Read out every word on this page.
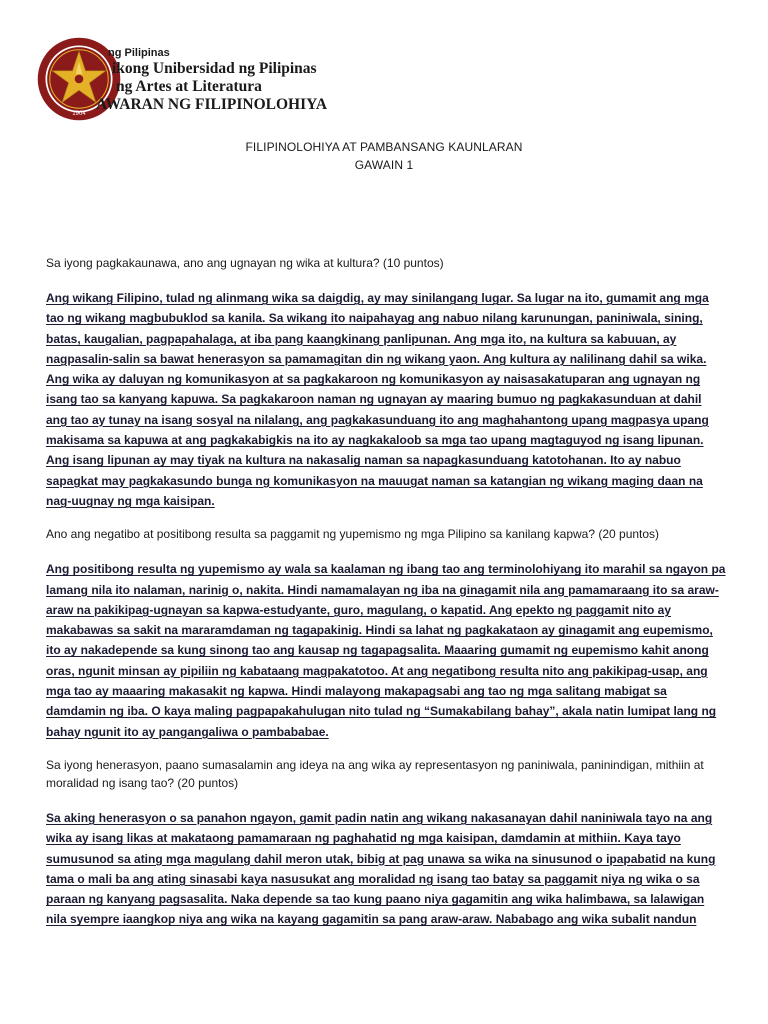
1904
ng Pilipinas
ikong Unibersidad ng Pilipinas
ng Artes at Literatura
AWARAN NG FILIPINOLOHIYA
FILIPINOLOHIYA AT PAMBANSANG KAUNLARAN
GAWAIN 1

Sa iyong pagkakaunawa, ano ang ugnayan ng wika at kultura? (10 puntos)

Ang wikang Filipino, tulad ng alinmang wika sa daigdig, ay may sinilangang lugar. Sa lugar na ito, gumamit ang mga tao ng wikang magbubuklod sa kanila. Sa wikang ito naipahayag ang nabuo nilang karunungan, paniniwala, sining, batas, kaugalian, pagpapahalaga, at iba pang kaangkinang panlipunan. Ang mga ito, na kultura sa kabuuan, ay nagpasalin-salin sa bawat henerasyon sa pamamagitan din ng wikang yaon. Ang kultura ay nalilinang dahil sa wika. Ang wika ay daluyan ng komunikasyon at sa pagkakaroon ng komunikasyon ay naisasakatuparan ang ugnayan ng isang tao sa kanyang kapuwa. Sa pagkakaroon naman ng ugnayan ay maaring bumuo ng pagkakasunduan at dahil ang tao ay tunay na isang sosyal na nilalang, ang pagkakasunduang ito ang maghahantong upang magpasya upang makisama sa kapuwa at ang pagkakabigkis na ito ay nagkakaloob sa mga tao upang magtaguyod ng isang lipunan. Ang isang lipunan ay may tiyak na kultura na nakasalig naman sa napagkasunduang katotohanan. Ito ay nabuo sapagkat may pagkakasundo bunga ng komunikasyon na mauugat naman sa katangian ng wikang maging daan na nag-uugnay ng mga kaisipan.

Ano ang negatibo at positibong resulta sa paggamit ng yupemismo ng mga Pilipino sa kanilang kapwa? (20 puntos)

Ang positibong resulta ng yupemismo ay wala sa kaalaman ng ibang tao ang terminolohiyang ito marahil sa ngayon pa lamang nila ito nalaman, narinig o, nakita. Hindi namamalayan ng iba na ginagamit nila ang pamamaraang ito sa araw-araw na pakikipag-ugnayan sa kapwa-estudyante, guro, magulang, o kapatid. Ang epekto ng paggamit nito ay makabawas sa sakit na mararamdaman ng tagapakinig. Hindi sa lahat ng pagkakataon ay ginagamit ang eupemismo, ito ay nakadepende sa kung sinong tao ang kausap ng tagapagsalita. Maaaring gumamit ng eupemismo kahit anong oras, ngunit minsan ay pipiliin ng kabataang magpakatotoo. At ang negatibong resulta nito ang pakikipag-usap, ang mga tao ay maaaring makasakit ng kapwa. Hindi malayong makapagsabi ang tao ng mga salitang mabigat sa damdamin ng iba. O kaya maling pagpapakahulugan nito tulad ng “Sumakabilang bahay”, akala natin lumipat lang ng bahay ngunit ito ay pangangaliwa o pambababae.

Sa iyong henerasyon, paano sumasalamin ang ideya na ang wika ay representasyon ng paniniwala, paninindigan, mithiin at moralidad ng isang tao? (20 puntos)

Sa aking henerasyon o sa panahon ngayon, gamit padin natin ang wikang nakasanayan dahil naniniwala tayo na ang wika ay isang likas at makataong pamamaraan ng paghahatid ng mga kaisipan, damdamin at mithiin. Kaya tayo sumusunod sa ating mga magulang dahil meron utak, bibig at pag unawa sa wika na sinusunod o ipapabatid na kung tama o mali ba ang ating sinasabi kaya nasusukat ang moralidad ng isang tao batay sa paggamit niya ng wika o sa paraan ng kanyang pagsasalita. Naka depende sa tao kung paano niya gagamitin ang wika halimbawa, sa lalawigan nila syempre iaangkop niya ang wika na kayang gagamitin sa pang araw-araw. Nababago ang wika subalit nandun
